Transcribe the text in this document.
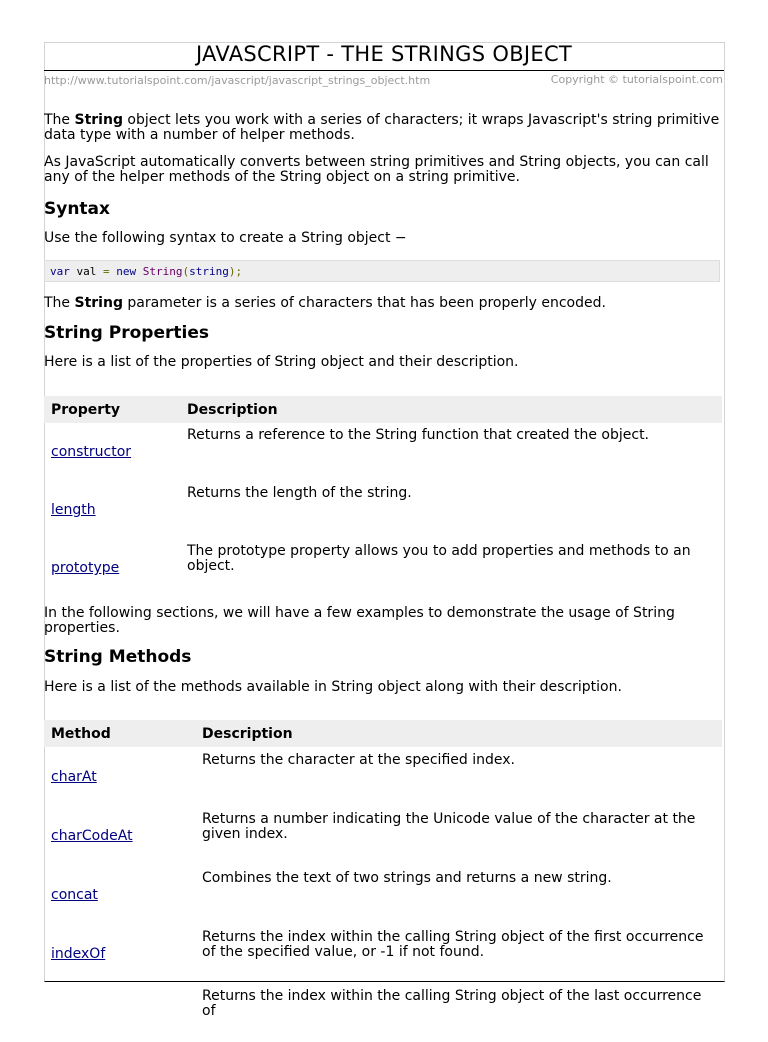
JAVASCRIPT - THE STRINGS OBJECT
http://www.tutorialspoint.com/javascript/javascript_strings_object.htm	Copyright © tutorialspoint.com

The String object lets you work with a series of characters; it wraps Javascript's string primitive data type with a number of helper methods.

As JavaScript automatically converts between string primitives and String objects, you can call any of the helper methods of the String object on a string primitive.

Syntax

Use the following syntax to create a String object −

var val = new String(string);

The String parameter is a series of characters that has been properly encoded.

String Properties

Here is a list of the properties of String object and their description.

Property	Description
constructor	Returns a reference to the String function that created the object.
length	Returns the length of the string.
prototype	The prototype property allows you to add properties and methods to an object.

In the following sections, we will have a few examples to demonstrate the usage of String properties.

String Methods

Here is a list of the methods available in String object along with their description.

Method	Description
charAt	Returns the character at the specified index.
charCodeAt	Returns a number indicating the Unicode value of the character at the given index.
concat	Combines the text of two strings and returns a new string.
indexOf	Returns the index within the calling String object of the first occurrence of the specified value, or -1 if not found.
	Returns the index within the calling String object of the last occurrence of
